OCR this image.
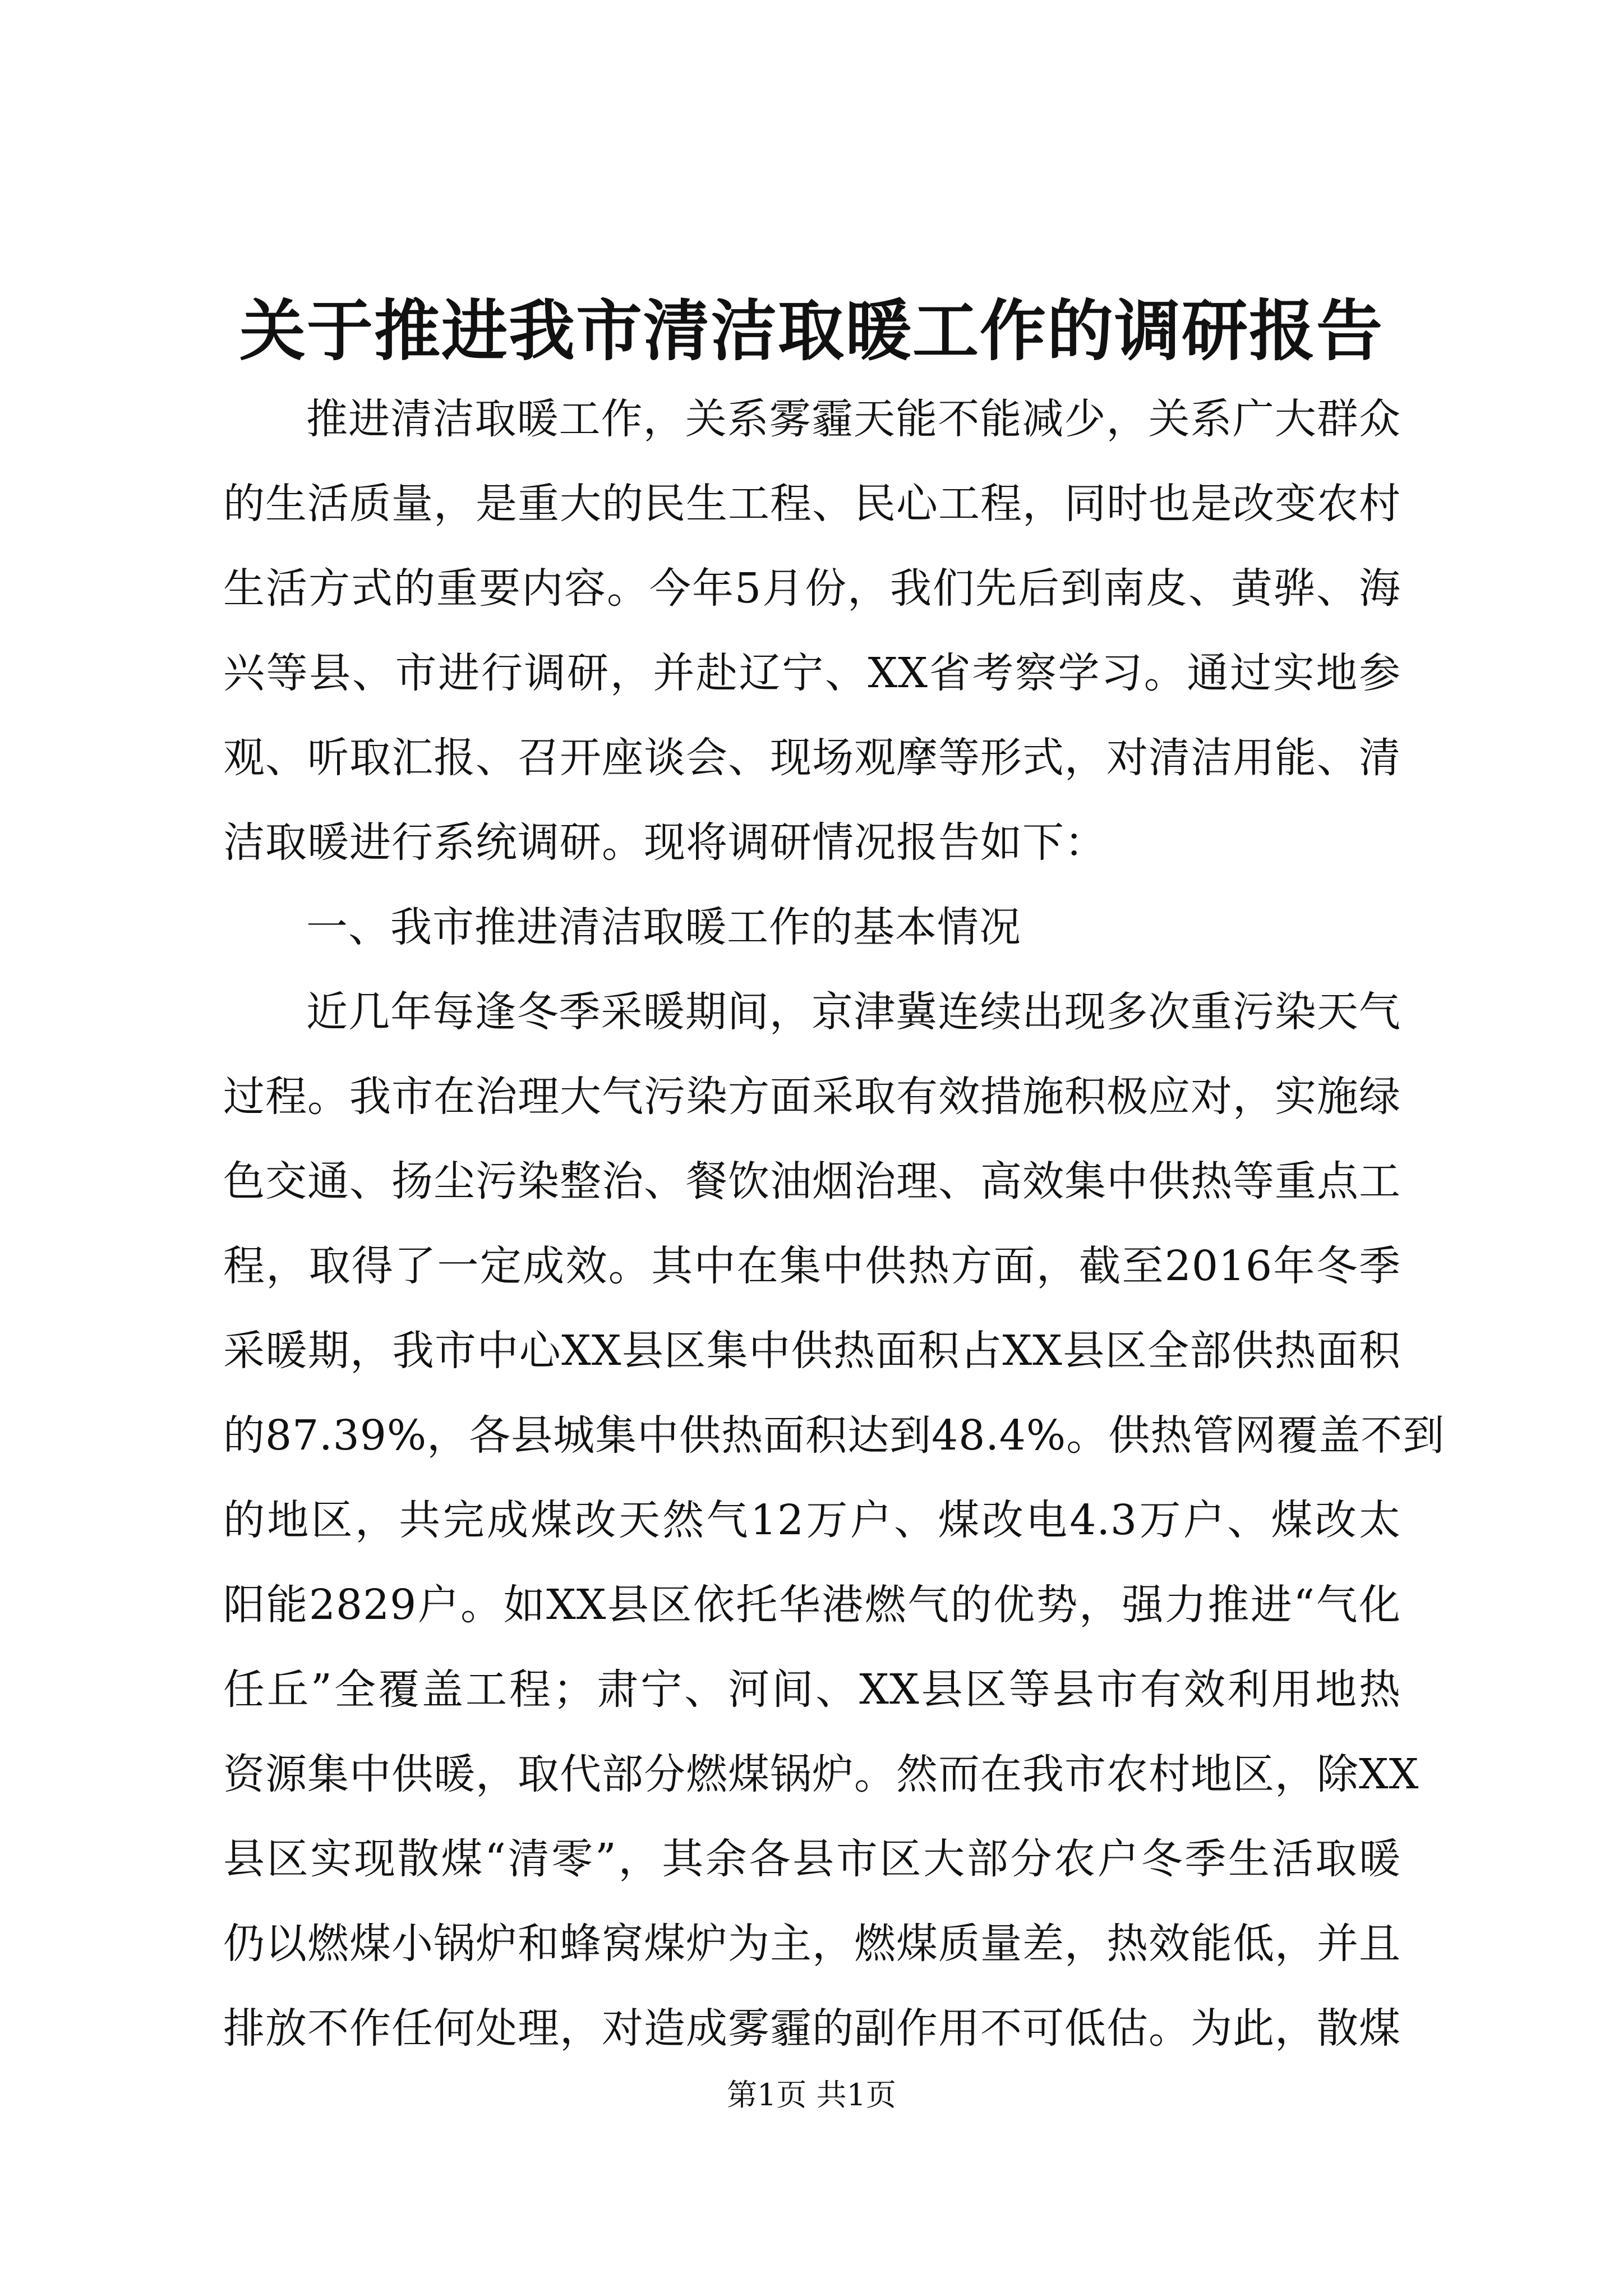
关于推进我市清洁取暖工作的调研报告
推进清洁取暖工作，关系雾霾天能不能减少，关系广大群众
的生活质量，是重大的民生工程、民心工程，同时也是改变农村
生活方式的重要内容。今年5月份，我们先后到南皮、黄骅、海
兴等县、市进行调研，并赴辽宁、XX省考察学习。通过实地参
观、听取汇报、召开座谈会、现场观摩等形式，对清洁用能、清
洁取暖进行系统调研。现将调研情况报告如下：
一、我市推进清洁取暖工作的基本情况
近几年每逢冬季采暖期间，京津冀连续出现多次重污染天气
过程。我市在治理大气污染方面采取有效措施积极应对，实施绿
色交通、扬尘污染整治、餐饮油烟治理、高效集中供热等重点工
程，取得了一定成效。其中在集中供热方面，截至2016年冬季
采暖期，我市中心XX县区集中供热面积占XX县区全部供热面积
的87.39%，各县城集中供热面积达到48.4%。供热管网覆盖不到
的地区，共完成煤改天然气12万户、煤改电4.3万户、煤改太
阳能2829户。如XX县区依托华港燃气的优势，强力推进“气化
任丘”全覆盖工程；肃宁、河间、XX县区等县市有效利用地热
资源集中供暖，取代部分燃煤锅炉。然而在我市农村地区，除XX
县区实现散煤“清零”，其余各县市区大部分农户冬季生活取暖
仍以燃煤小锅炉和蜂窝煤炉为主，燃煤质量差，热效能低，并且
排放不作任何处理，对造成雾霾的副作用不可低估。为此，散煤
第1页 共1页
